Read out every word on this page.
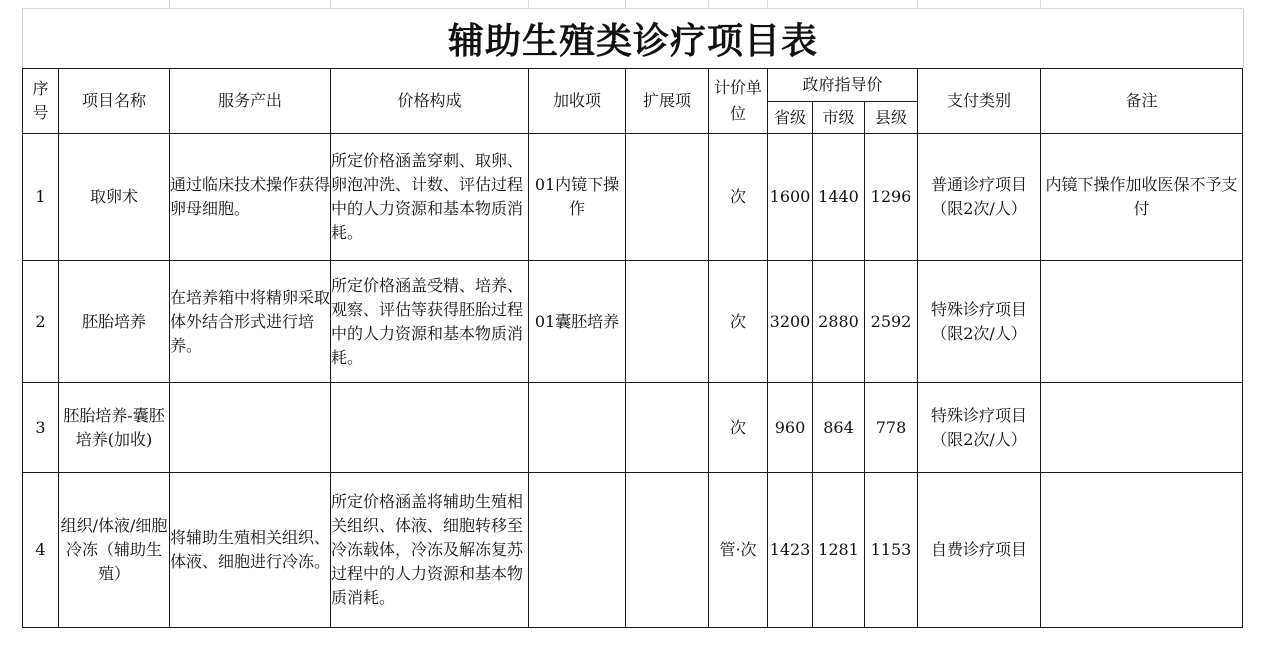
辅助生殖类诊疗项目表
序号	项目名称	服务产出	价格构成	加收项	扩展项	计价单位	政府指导价			支付类别	备注
							省级	市级	县级		
1	取卵术	通过临床技术操作获得卵母细胞。	所定价格涵盖穿刺、取卵、卵泡冲洗、计数、评估过程中的人力资源和基本物质消耗。	01内镜下操作		次	1600	1440	1296	普通诊疗项目（限2次/人）	内镜下操作加收医保不予支付
2	胚胎培养	在培养箱中将精卵采取体外结合形式进行培养。	所定价格涵盖受精、培养、观察、评估等获得胚胎过程中的人力资源和基本物质消耗。	01囊胚培养		次	3200	2880	2592	特殊诊疗项目（限2次/人）	
3	胚胎培养-囊胚培养(加收)					次	960	864	778	特殊诊疗项目（限2次/人）	
4	组织/体液/细胞冷冻（辅助生殖）	将辅助生殖相关组织、体液、细胞进行冷冻。	所定价格涵盖将辅助生殖相关组织、体液、细胞转移至冷冻载体，冷冻及解冻复苏过程中的人力资源和基本物质消耗。			管·次	1423	1281	1153	自费诊疗项目	
